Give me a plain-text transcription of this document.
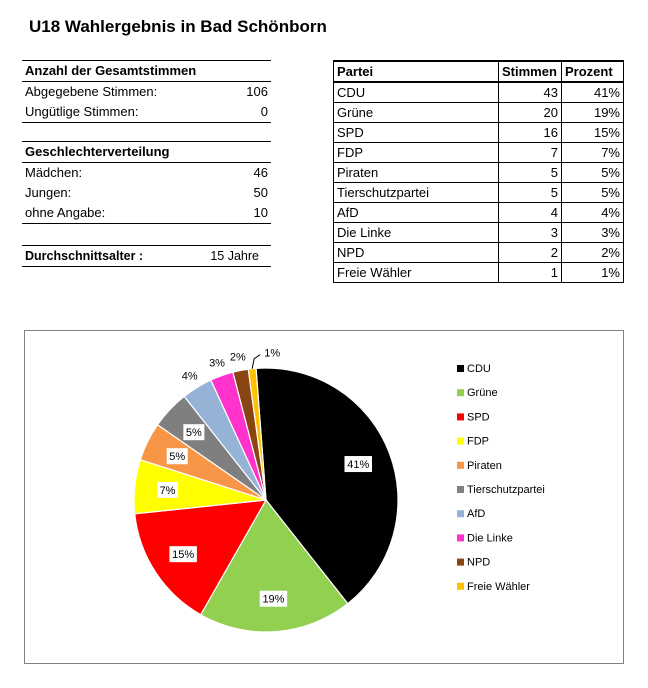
U18 Wahlergebnis in Bad Schönborn
Anzahl der Gesamtstimmen
Abgegebene Stimmen:	106
Ungütlige Stimmen:	0
Geschlechterverteilung
Mädchen:	46
Jungen:	50
ohne Angabe:	10
Durchschnittsalter :	15 Jahre
Partei	Stimmen	Prozent
CDU	43	41%
Grüne	20	19%
SPD	16	15%
FDP	7	7%
Piraten	5	5%
Tierschutzpartei	5	5%
AfD	4	4%
Die Linke	3	3%
NPD	2	2%
Freie Wähler	1	1%
41%
19%
15%
7%
5%
5%
4%
3% 2% 1%
CDU
Grüne
SPD
FDP
Piraten
Tierschutzpartei
AfD
Die Linke
NPD
Freie Wähler
